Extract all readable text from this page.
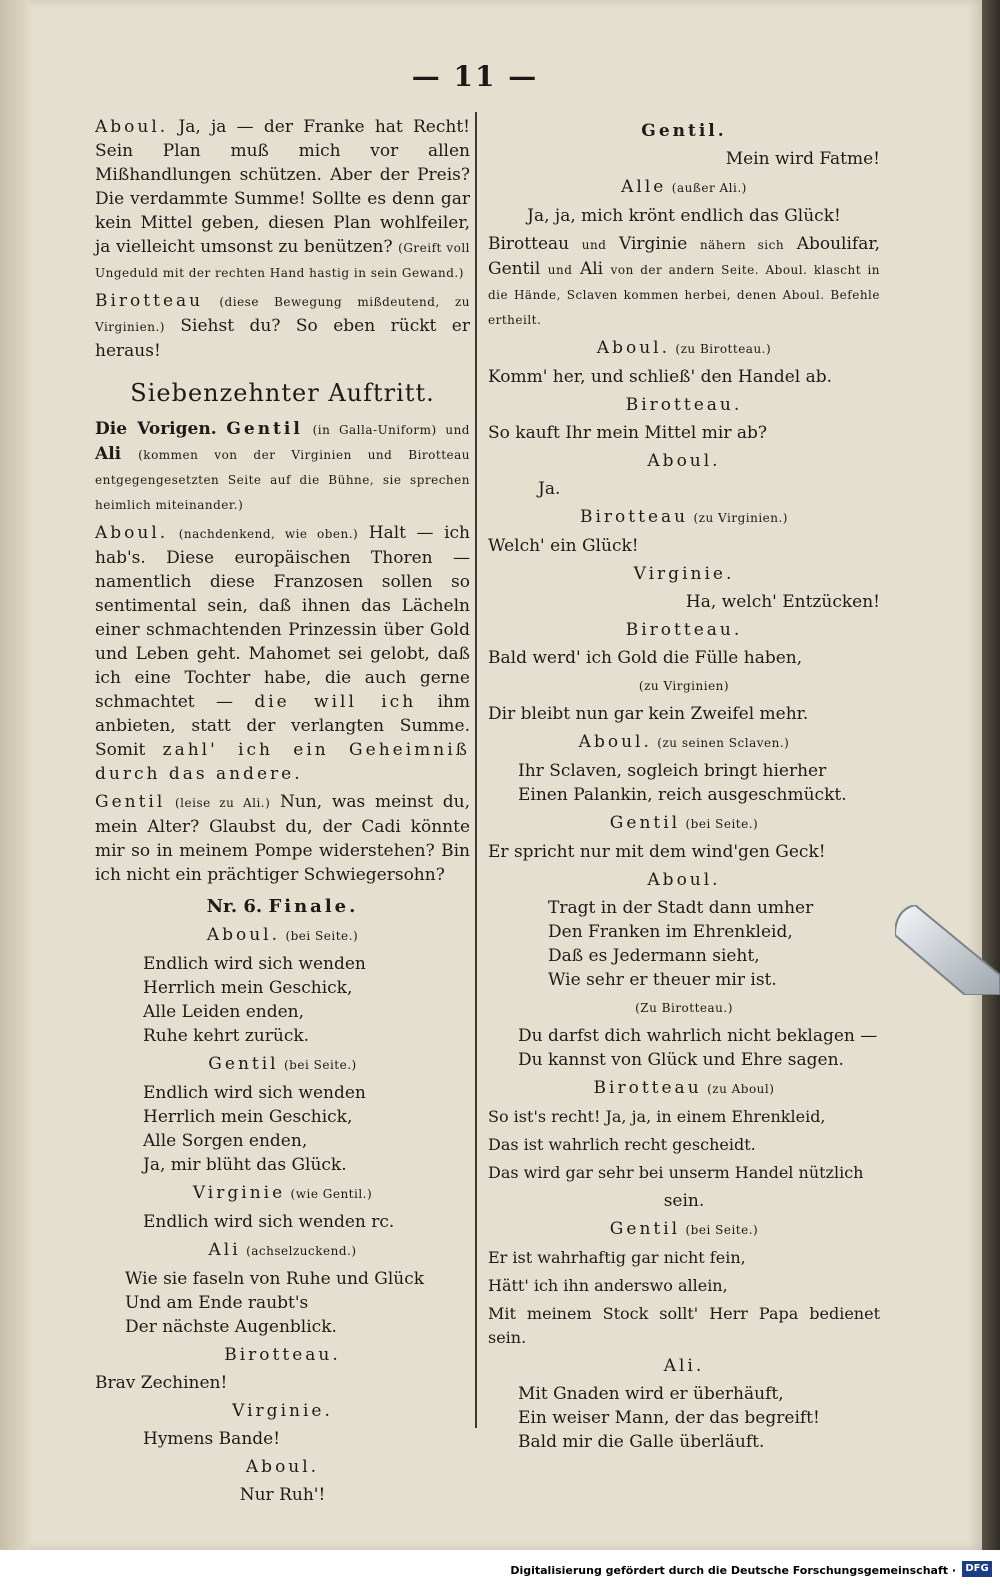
— 11 —

Aboul. Ja, ja — der Franke hat Recht! Sein Plan muß mich vor allen Mißhandlungen schützen. Aber der Preis? Die verdammte Summe! Sollte es denn gar kein Mittel geben, diesen Plan wohlfeiler, ja vielleicht umsonst zu benützen? (Greift voll Ungeduld mit der rechten Hand hastig in sein Gewand.)

Birotteau (diese Bewegung mißdeutend, zu Virginien.) Siehst du? So eben rückt er heraus!

Siebenzehnter Auftritt.

Die Vorigen. Gentil (in Galla-Uniform) und Ali (kommen von der Virginien und Birotteau entgegengesetzten Seite auf die Bühne, sie sprechen heimlich miteinander.)

Aboul. (nachdenkend, wie oben.) Halt — ich hab's. Diese europäischen Thoren — namentlich diese Franzosen sollen so sentimental sein, daß ihnen das Lächeln einer schmachtenden Prinzessin über Gold und Leben geht. Mahomet sei gelobt, daß ich eine Tochter habe, die auch gerne schmachtet — die will ich ihm anbieten, statt der verlangten Summe. Somit zahl' ich ein Geheimniß durch das andere.

Gentil (leise zu Ali.) Nun, was meinst du, mein Alter? Glaubst du, der Cadi könnte mir so in meinem Pompe widerstehen? Bin ich nicht ein prächtiger Schwiegersohn?

Nr. 6. Finale.
Aboul. (bei Seite.)

Endlich wird sich wenden

Herrlich mein Geschick,

Alle Leiden enden,

Ruhe kehrt zurück.

Gentil (bei Seite.)

Endlich wird sich wenden

Herrlich mein Geschick,

Alle Sorgen enden,

Ja, mir blüht das Glück.

Virginie (wie Gentil.)

Endlich wird sich wenden rc.

Ali (achselzuckend.)

Wie sie faseln von Ruhe und Glück

Und am Ende raubt's

Der nächste Augenblick.

Birotteau.

Brav Zechinen!

Virginie.

Hymens Bande!

Aboul.

Nur Ruh'!

Gentil.

Mein wird Fatme!

Alle (außer Ali.)

Ja, ja, mich krönt endlich das Glück!

Birotteau und Virginie nähern sich Aboulifar, Gentil und Ali von der andern Seite. Aboul. klascht in die Hände, Sclaven kommen herbei, denen Aboul. Befehle ertheilt.

Aboul. (zu Birotteau.)

Komm' her, und schließ' den Handel ab.

Birotteau.

So kauft Ihr mein Mittel mir ab?

Aboul.

Ja.

Birotteau (zu Virginien.)

Welch' ein Glück!

Virginie.

Ha, welch' Entzücken!

Birotteau.

Bald werd' ich Gold die Fülle haben,

(zu Virginien)

Dir bleibt nun gar kein Zweifel mehr.

Aboul. (zu seinen Sclaven.)

Ihr Sclaven, sogleich bringt hierher

Einen Palankin, reich ausgeschmückt.

Gentil (bei Seite.)

Er spricht nur mit dem wind'gen Geck!

Aboul.

Tragt in der Stadt dann umher

Den Franken im Ehrenkleid,

Daß es Jedermann sieht,

Wie sehr er theuer mir ist.

(Zu Birotteau.)

Du darfst dich wahrlich nicht beklagen —

Du kannst von Glück und Ehre sagen.

Birotteau (zu Aboul)

So ist's recht! Ja, ja, in einem Ehrenkleid,

Das ist wahrlich recht gescheidt.

Das wird gar sehr bei unserm Handel nützlich

sein.

Gentil (bei Seite.)

Er ist wahrhaftig gar nicht fein,

Hätt' ich ihn anderswo allein,

Mit meinem Stock sollt' Herr Papa bedienet sein.

Ali.

Mit Gnaden wird er überhäuft,

Ein weiser Mann, der das begreift!

Bald mir die Galle überläuft.

Digitalisierung gefördert durch die Deutsche Forschungsgemeinschaft · DFG
